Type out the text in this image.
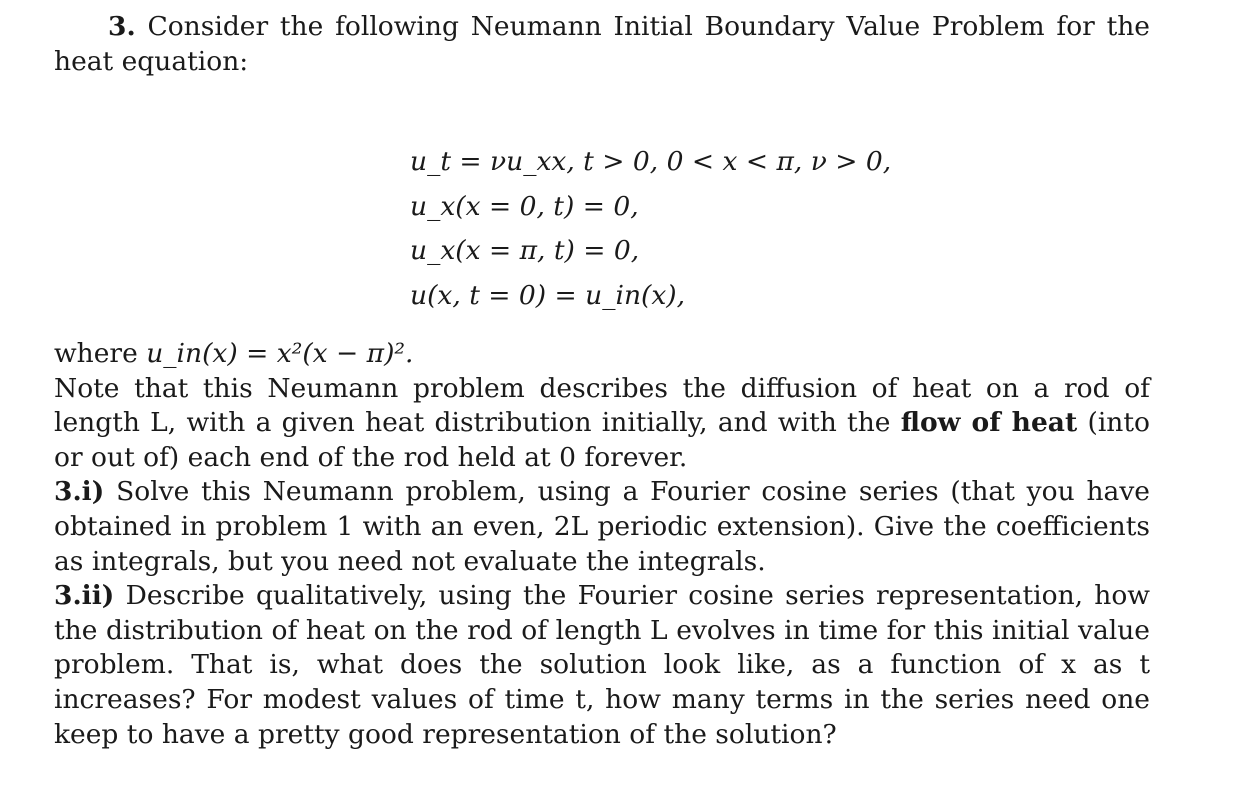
3. Consider the following Neumann Initial Boundary Value Problem for the heat equation:
u_t = νu_xx, t > 0, 0 < x < π, ν > 0,
u_x(x = 0, t) = 0,
u_x(x = π, t) = 0,
u(x, t = 0) = u_in(x),
where u_in(x) = x²(x − π)².
Note that this Neumann problem describes the diffusion of heat on a rod of length L, with a given heat distribution initially, and with the flow of heat (into or out of) each end of the rod held at 0 forever.
3.i) Solve this Neumann problem, using a Fourier cosine series (that you have obtained in problem 1 with an even, 2L periodic extension). Give the coefficients as integrals, but you need not evaluate the integrals.
3.ii) Describe qualitatively, using the Fourier cosine series representation, how the distribution of heat on the rod of length L evolves in time for this initial value problem. That is, what does the solution look like, as a function of x as t increases? For modest values of time t, how many terms in the series need one keep to have a pretty good representation of the solution?
